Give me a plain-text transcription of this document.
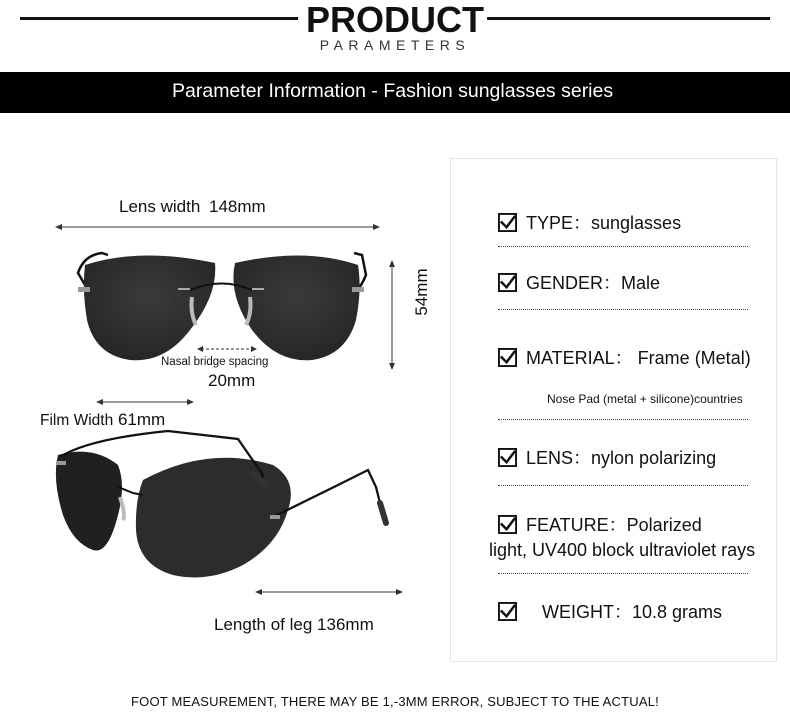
PRODUCT
PARAMETERS
Parameter Information - Fashion sunglasses series
Lens width 148mm
54mm
Nasal bridge spacing
20mm
Film Width 61mm
Length of leg 136mm
TYPE：sunglasses
GENDER：Male
MATERIAL： Frame (Metal)
Nose Pad (metal + silicone)countries
LENS：nylon polarizing
FEATURE：Polarized
light, UV400 block ultraviolet rays
WEIGHT：10.8 grams
FOOT MEASUREMENT, THERE MAY BE 1,-3MM ERROR, SUBJECT TO THE ACTUAL!
